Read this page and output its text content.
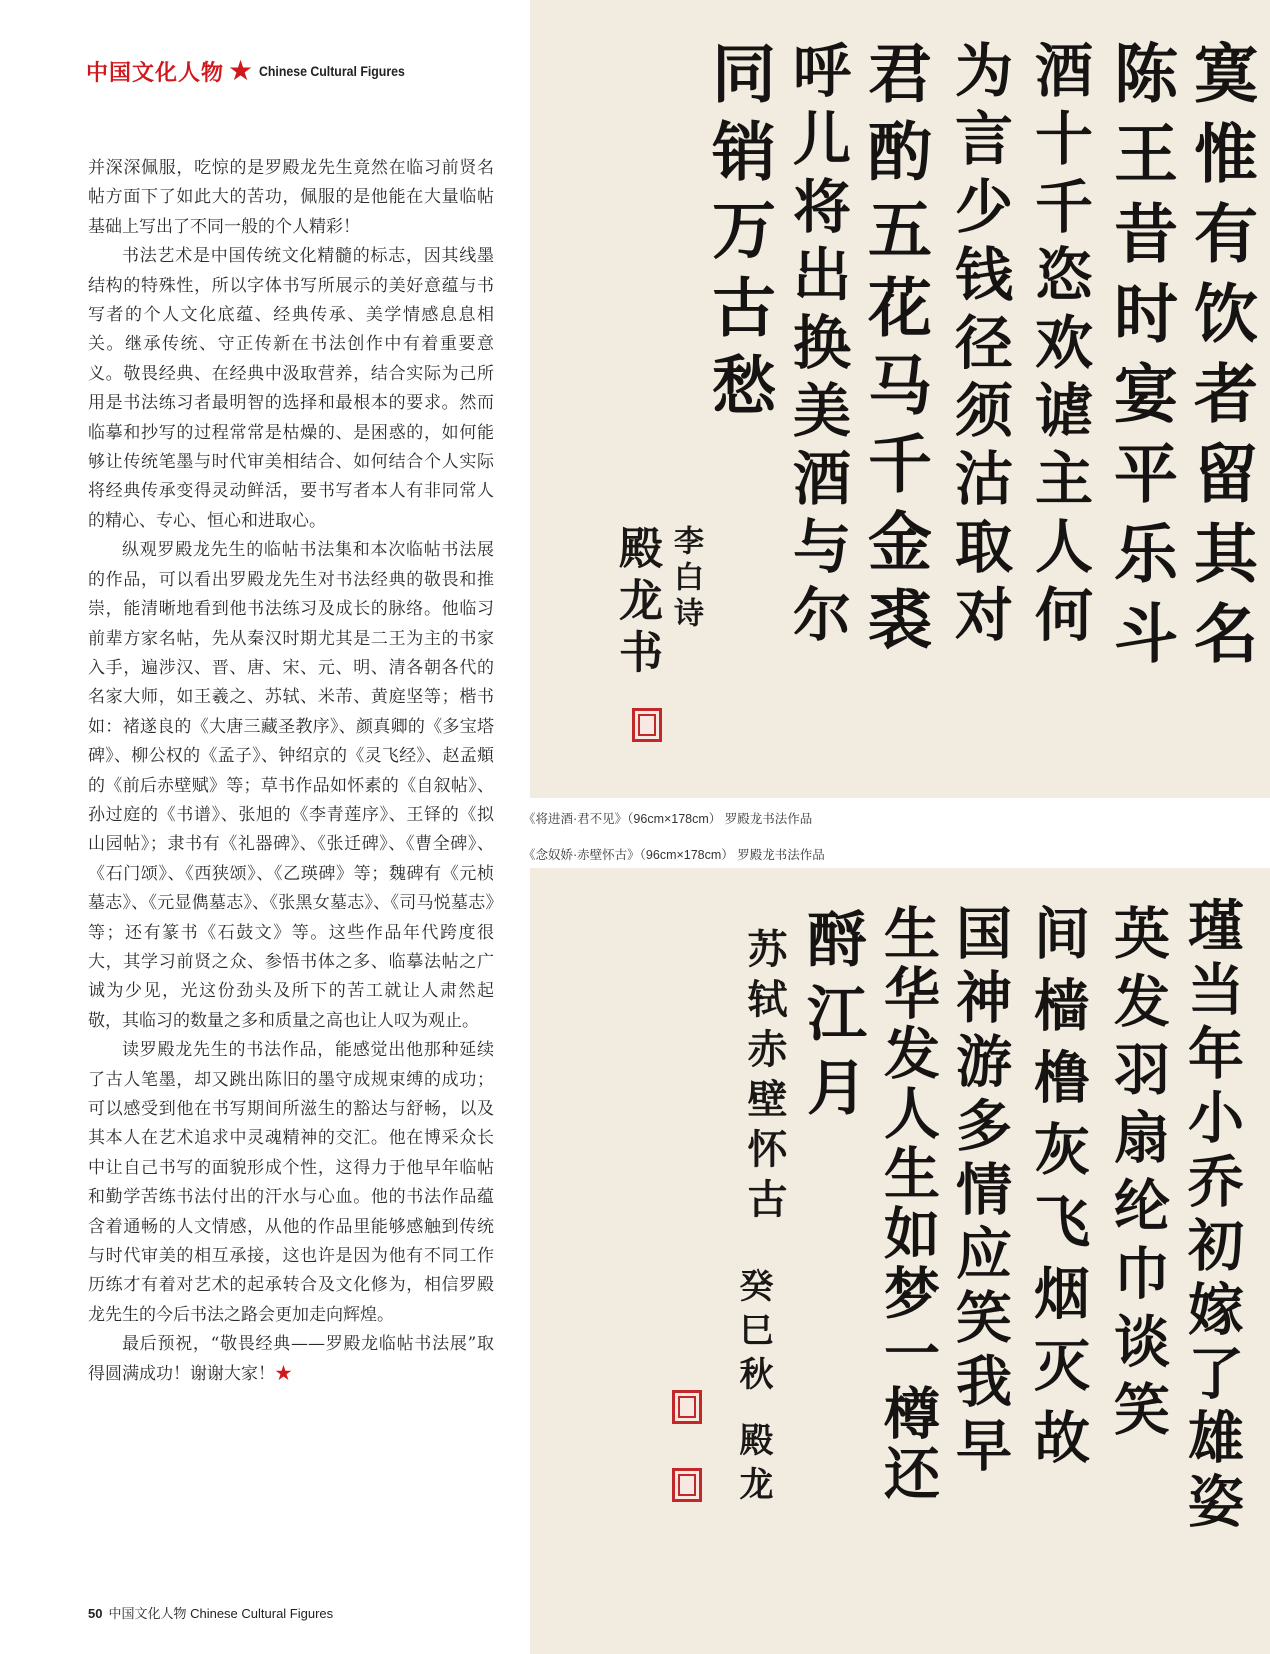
中国文化人物 ★ Chinese Cultural Figures

并深深佩服，吃惊的是罗殿龙先生竟然在临习前贤名帖方面下了如此大的苦功，佩服的是他能在大量临帖基础上写出了不同一般的个人精彩！

书法艺术是中国传统文化精髓的标志，因其线墨结构的特殊性，所以字体书写所展示的美好意蕴与书写者的个人文化底蕴、经典传承、美学情感息息相关。继承传统、守正传新在书法创作中有着重要意义。敬畏经典、在经典中汲取营养，结合实际为己所用是书法练习者最明智的选择和最根本的要求。然而临摹和抄写的过程常常是枯燥的、是困惑的，如何能够让传统笔墨与时代审美相结合、如何结合个人实际将经典传承变得灵动鲜活，要书写者本人有非同常人的精心、专心、恒心和进取心。

纵观罗殿龙先生的临帖书法集和本次临帖书法展的作品，可以看出罗殿龙先生对书法经典的敬畏和推崇，能清晰地看到他书法练习及成长的脉络。他临习前辈方家名帖，先从秦汉时期尤其是二王为主的书家入手，遍涉汉、晋、唐、宋、元、明、清各朝各代的名家大师，如王羲之、苏轼、米芾、黄庭坚等；楷书如：褚遂良的《大唐三藏圣教序》、颜真卿的《多宝塔碑》、柳公权的《孟子》、钟绍京的《灵飞经》、赵孟頫的《前后赤壁赋》等；草书作品如怀素的《自叙帖》、孙过庭的《书谱》、张旭的《李青莲序》、王铎的《拟山园帖》；隶书有《礼器碑》、《张迁碑》、《曹全碑》、《石门颂》、《西狭颂》、《乙瑛碑》等；魏碑有《元桢墓志》、《元显儁墓志》、《张黑女墓志》、《司马悦墓志》等；还有篆书《石鼓文》等。这些作品年代跨度很大，其学习前贤之众、参悟书体之多、临摹法帖之广诚为少见，光这份劲头及所下的苦工就让人肃然起敬，其临习的数量之多和质量之高也让人叹为观止。

读罗殿龙先生的书法作品，能感觉出他那种延续了古人笔墨，却又跳出陈旧的墨守成规束缚的成功；可以感受到他在书写期间所滋生的豁达与舒畅，以及其本人在艺术追求中灵魂精神的交汇。他在博采众长中让自己书写的面貌形成个性，这得力于他早年临帖和勤学苦练书法付出的汗水与心血。他的书法作品蕴含着通畅的人文情感，从他的作品里能够感触到传统与时代审美的相互承接，这也许是因为他有不同工作历练才有着对艺术的起承转合及文化修为，相信罗殿龙先生的今后书法之路会更加走向辉煌。

最后预祝，“敬畏经典——罗殿龙临帖书法展”取得圆满成功！谢谢大家！★

50 中国文化人物 Chinese Cultural Figures
寞惟有饮者留其名
陈王昔时宴平乐斗
酒十千恣欢谑主人何
为言少钱径须沽取对
君酌五花马千金裘
呼儿将出换美酒与尔
同销万古愁
李白诗
殿龙书
瑾当年小乔初嫁了雄姿
英发羽扇纶巾谈笑
间樯橹灰飞烟灭故
国神游多情应笑我早
生华发人生如梦一樽还
酹江月
苏轼赤壁怀古
癸巳秋 殿龙
《将进酒·君不见》（96cm×178cm） 罗殿龙书法作品
《念奴娇·赤壁怀古》（96cm×178cm） 罗殿龙书法作品
